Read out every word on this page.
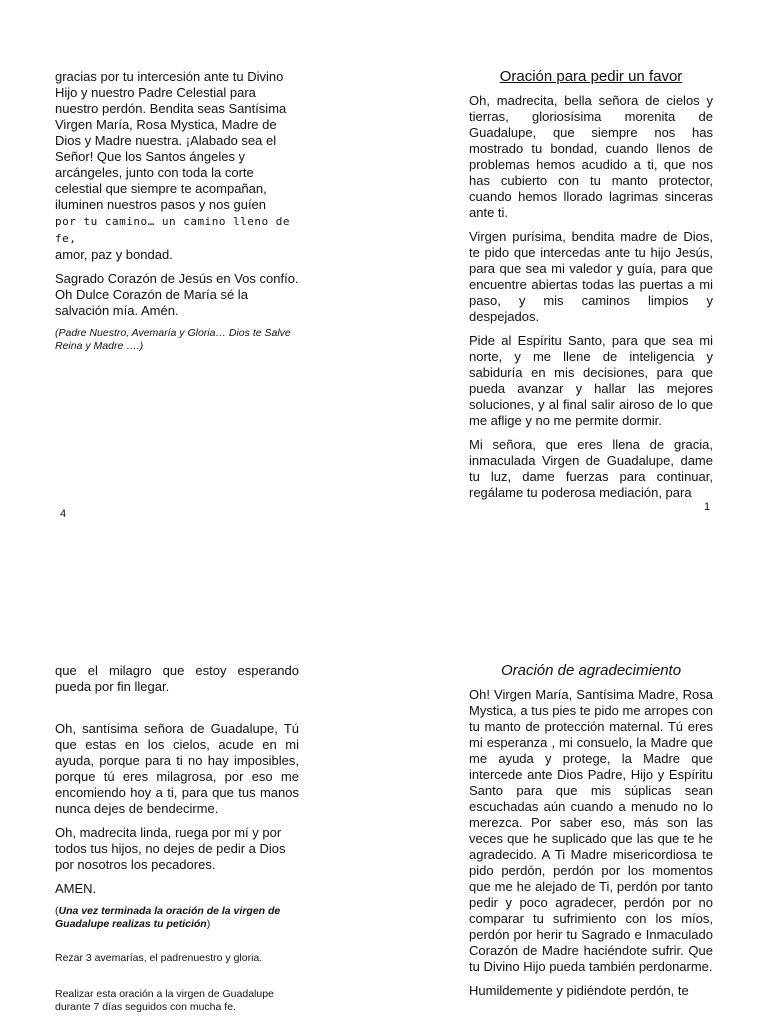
gracias por tu intercesión ante tu Divino Hijo y nuestro Padre Celestial para nuestro perdón. Bendita seas Santísima Virgen María, Rosa Mystica, Madre de Dios y Madre nuestra. ¡Alabado sea el Señor! Que los Santos ángeles y arcángeles, junto con toda la corte celestial que siempre te acompañan, iluminen nuestros pasos y nos guíen
por tu camino… un camino lleno de fe,
amor, paz y bondad.

Sagrado Corazón de Jesús en Vos confío. Oh Dulce Corazón de María sé la salvación mía. Amén.

(Padre Nuestro, Avemaría y Gloria… Dios te Salve Reina y Madre ….)

4

Oración para pedir un favor

Oh, madrecita, bella señora de cielos y tierras, gloriosísima morenita de Guadalupe, que siempre nos has mostrado tu bondad, cuando llenos de problemas hemos acudido a ti, que nos has cubierto con tu manto protector, cuando hemos llorado lagrimas sinceras ante ti.

Virgen purísima, bendita madre de Dios, te pido que intercedas ante tu hijo Jesús, para que sea mi valedor y guía, para que encuentre abiertas todas las puertas a mi paso, y mis caminos limpios y despejados.

Pide al Espíritu Santo, para que sea mi norte, y me llene de inteligencia y sabiduría en mis decisiones, para que pueda avanzar y hallar las mejores soluciones, y al final salir airoso de lo que me aflige y no me permite dormir.

Mi señora, que eres llena de gracia, inmaculada Virgen de Guadalupe, dame tu luz, dame fuerzas para continuar, regálame tu poderosa mediación, para

1

que el milagro que estoy esperando pueda por fin llegar.

Oh, santísima señora de Guadalupe, Tú que estas en los cielos, acude en mi ayuda, porque para ti no hay imposibles, porque tú eres milagrosa, por eso me encomiendo hoy a ti, para que tus manos nunca dejes de bendecirme.

Oh, madrecita linda, ruega por mí y por todos tus hijos, no dejes de pedir a Dios por nosotros los pecadores.

AMEN.

(Una vez terminada la oración de la virgen de Guadalupe realizas tu petición)

Rezar 3 avemarías, el padrenuestro y gloria.

Realizar esta oración a la virgen de Guadalupe durante 7 días seguidos con mucha fe.

Oración de agradecimiento

Oh! Virgen María, Santísima Madre, Rosa Mystica, a tus pies te pido me arropes con tu manto de protección maternal. Tú eres mi esperanza , mi consuelo, la Madre que me ayuda y protege, la Madre que intercede ante Dios Padre, Hijo y Espíritu Santo para que mis súplicas sean escuchadas aún cuando a menudo no lo merezca. Por saber eso, más son las veces que he suplicado que las que te he agradecido. A Ti Madre misericordiosa te pido perdón, perdón por los momentos que me he alejado de Ti, perdón por tanto pedir y poco agradecer, perdón por no comparar tu sufrimiento con los míos, perdón por herir tu Sagrado e Inmaculado Corazón de Madre haciéndote sufrir. Que tu Divino Hijo pueda también perdonarme.

Humildemente y pidiéndote perdón, te
